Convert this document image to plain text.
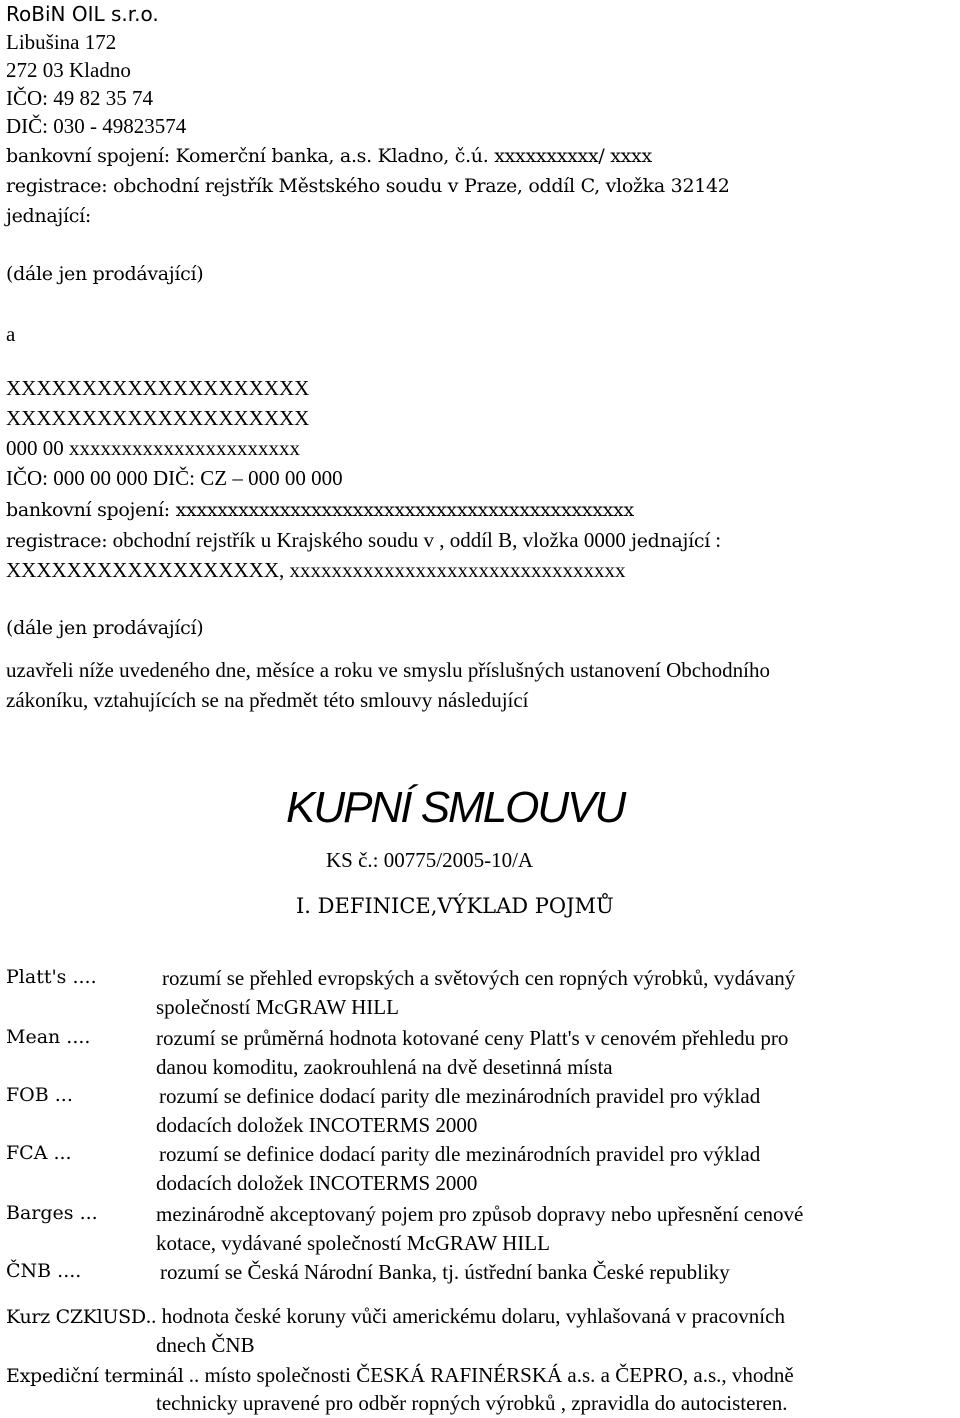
RoBiN OIL s.r.o.
Libušina 172
272 03 Kladno
IČO: 49 82 35 74
DIČ: 030 - 49823574
bankovní spojení: Komerční banka, a.s. Kladno, č.ú. xxxxxxxxxx/ xxxx
registrace: obchodní rejstřík Městského soudu v Praze, oddíl C, vložka 32142
jednající:
(dále jen prodávající)
a
XXXXXXXXXXXXXXXXXXXX
XXXXXXXXXXXXXXXXXXXX
000 00 xxxxxxxxxxxxxxxxxxxxxx
IČO: 000 00 000 DIČ: CZ – 000 00 000
bankovní spojení: xxxxxxxxxxxxxxxxxxxxxxxxxxxxxxxxxxxxxxxxxxxx
registrace: obchodní rejstřík u Krajského soudu v , oddíl B, vložka 0000 jednající :
XXXXXXXXXXXXXXXXXX, xxxxxxxxxxxxxxxxxxxxxxxxxxxxxxxx
(dále jen prodávající)
uzavřeli níže uvedeného dne, měsíce a roku ve smyslu příslušných ustanovení Obchodního
zákoníku, vztahujících se na předmět této smlouvy následující
KUPNÍ SMLOUVU
KS č.: 00775/2005-10/A
I. DEFINICE,VÝKLAD POJMŮ
Platt's ....	rozumí se přehled evropských a světových cen ropných výrobků, vydávaný
společností McGRAW HILL
Mean ....	rozumí se průměrná hodnota kotované ceny Platt's v cenovém přehledu pro
danou komoditu, zaokrouhlená na dvě desetinná místa
FOB ...	rozumí se definice dodací parity dle mezinárodních pravidel pro výklad
dodacích doložek INCOTERMS 2000
FCA ...	rozumí se definice dodací parity dle mezinárodních pravidel pro výklad
dodacích doložek INCOTERMS 2000
Barges ...	mezinárodně akceptovaný pojem pro způsob dopravy nebo upřesnění cenové
kotace, vydávané společností McGRAW HILL
ČNB ....	rozumí se Česká Národní Banka, tj. ústřední banka České republiky
Kurz CZKlUSD.. hodnota české koruny vůči americkému dolaru, vyhlašovaná v pracovních
dnech ČNB
Expediční terminál .. místo společnosti ČESKÁ RAFINÉRSKÁ a.s. a ČEPRO, a.s., vhodně
technicky upravené pro odběr ropných výrobků , zpravidla do autocisteren.
